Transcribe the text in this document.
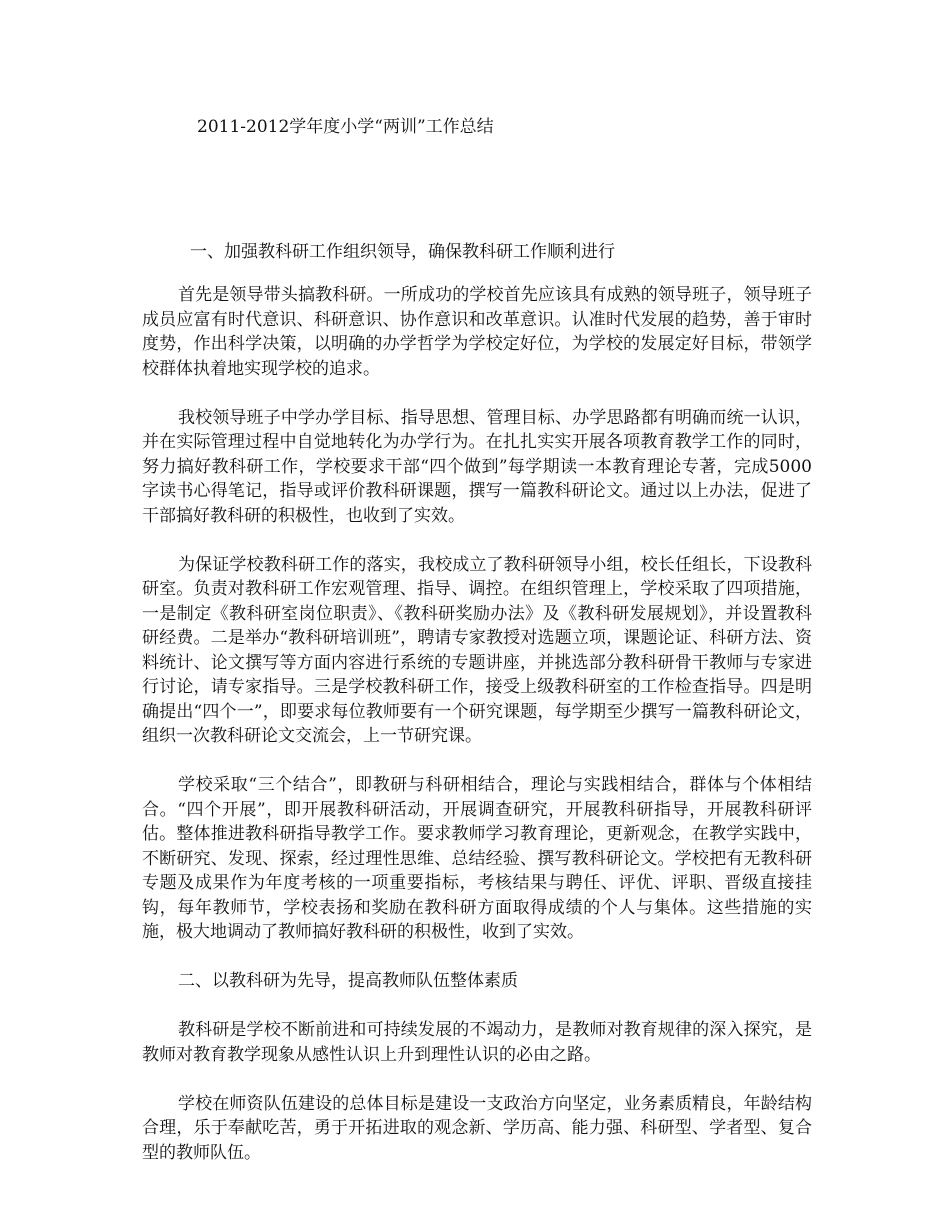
2011-2012学年度小学“两训”工作总结
一、加强教科研工作组织领导，确保教科研工作顺利进行

首先是领导带头搞教科研。一所成功的学校首先应该具有成熟的领导班子，领导班子成员应富有时代意识、科研意识、协作意识和改革意识。认准时代发展的趋势，善于审时度势，作出科学决策，以明确的办学哲学为学校定好位，为学校的发展定好目标，带领学校群体执着地实现学校的追求。

我校领导班子中学办学目标、指导思想、管理目标、办学思路都有明确而统一认识，并在实际管理过程中自觉地转化为办学行为。在扎扎实实开展各项教育教学工作的同时，努力搞好教科研工作，学校要求干部“四个做到”每学期读一本教育理论专著，完成5000字读书心得笔记，指导或评价教科研课题，撰写一篇教科研论文。通过以上办法，促进了干部搞好教科研的积极性，也收到了实效。

为保证学校教科研工作的落实，我校成立了教科研领导小组，校长任组长，下设教科研室。负责对教科研工作宏观管理、指导、调控。在组织管理上，学校采取了四项措施，一是制定《教科研室岗位职责》、《教科研奖励办法》及《教科研发展规划》，并设置教科研经费。二是举办“教科研培训班”，聘请专家教授对选题立项，课题论证、科研方法、资料统计、论文撰写等方面内容进行系统的专题讲座，并挑选部分教科研骨干教师与专家进行讨论，请专家指导。三是学校教科研工作，接受上级教科研室的工作检查指导。四是明确提出“四个一”，即要求每位教师要有一个研究课题，每学期至少撰写一篇教科研论文，组织一次教科研论文交流会，上一节研究课。

学校采取“三个结合”，即教研与科研相结合，理论与实践相结合，群体与个体相结合。“四个开展”，即开展教科研活动，开展调查研究，开展教科研指导，开展教科研评估。整体推进教科研指导教学工作。要求教师学习教育理论，更新观念，在教学实践中，不断研究、发现、探索，经过理性思维、总结经验、撰写教科研论文。学校把有无教科研专题及成果作为年度考核的一项重要指标，考核结果与聘任、评优、评职、晋级直接挂钩，每年教师节，学校表扬和奖励在教科研方面取得成绩的个人与集体。这些措施的实施，极大地调动了教师搞好教科研的积极性，收到了实效。

二、以教科研为先导，提高教师队伍整体素质

教科研是学校不断前进和可持续发展的不竭动力，是教师对教育规律的深入探究，是教师对教育教学现象从感性认识上升到理性认识的必由之路。

学校在师资队伍建设的总体目标是建设一支政治方向坚定，业务素质精良，年龄结构合理，乐于奉献吃苦，勇于开拓进取的观念新、学历高、能力强、科研型、学者型、复合型的教师队伍。
